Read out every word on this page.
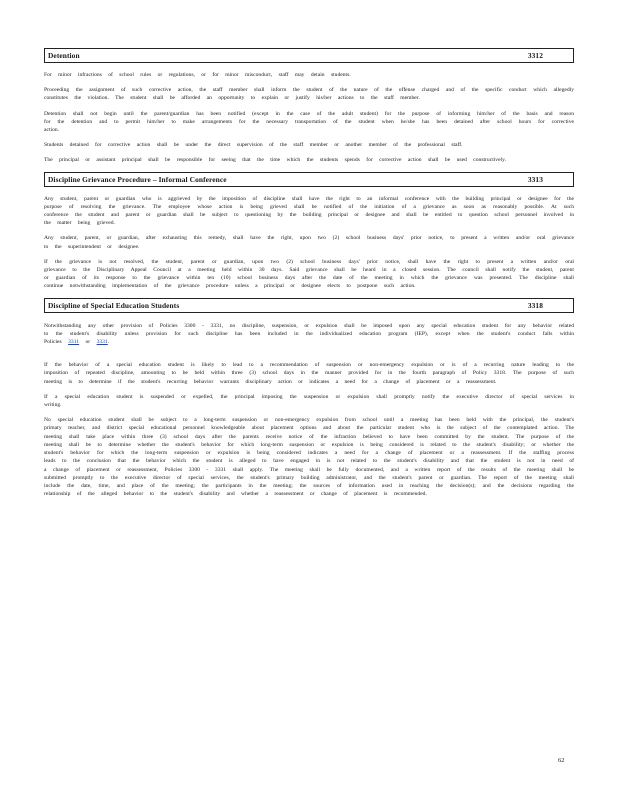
Detention	3312

For minor infractions of school rules or regulations, or for minor misconduct, staff may detain students.

Proceeding the assignment of such corrective action, the staff member shall inform the student of the nature of the offense charged and of the specific conduct which allegedly constitutes the violation. The student shall be afforded an opportunity to explain or justify his/her actions to the staff member.

Detention shall not begin until the parent/guardian has been notified (except in the case of the adult student) for the purpose of informing him/her of the basis and reason for the detention and to permit him/her to make arrangements for the necessary transportation of the student when he/she has been detained after school hours for corrective action.

Students detained for corrective action shall be under the direct supervision of the staff member or another member of the professional staff.

The principal or assistant principal shall be responsible for seeing that the time which the students spends for corrective action shall be used constructively.

Discipline Grievance Procedure – Informal Conference	3313

Any student, parent or guardian who is aggrieved by the imposition of discipline shall have the right to an informal conference with the building principal or designee for the purpose of resolving the grievance. The employee whose action is being grieved shall be notified of the initiation of a grievance as soon as reasonably possible. At such conference the student and parent or guardian shall be subject to questioning by the building principal or designee and shall be entitled to question school personnel involved in the matter being grieved.

Any student, parent, or guardian, after exhausting this remedy, shall have the right, upon two (2) school business days' prior notice, to present a written and/or oral grievance to the superintendent or designee.

If the grievance is not resolved, the student, parent or guardian, upon two (2) school business days' prior notice, shall have the right to present a written and/or oral grievance to the Disciplinary Appeal Council at a meeting held within 30 days. Said grievance shall be heard in a closed session. The council shall notify the student, parent or guardian of its response to the grievance within ten (10) school business days after the date of the meeting in which the grievance was presented. The discipline shall continue notwithstanding implementation of the grievance procedure unless a principal or designee elects to postpone such action.

Discipline of Special Education Students	3318

Notwithstanding any other provision of Policies 3300 - 3331, no discipline, suspension, or expulsion shall be imposed upon any special education student for any behavior related to the student's disability unless provision for such discipline has been included in the individualized education program (IEP), except when the student's conduct falls within Policies 3311 or 3331.

If the behavior of a special education student is likely to lead to a recommendation of suspension or non-emergency expulsion or is of a recurring nature leading to the imposition of repeated discipline, amounting to be held within three (3) school days in the manner provided for in the fourth paragraph of Policy 3318. The purpose of such meeting is to determine if the student's recurring behavior warrants disciplinary action or indicates a need for a change of placement or a reassessment.

If a special education student is suspended or expelled, the principal imposing the suspension or expulsion shall promptly notify the executive director of special services in writing.

No special education student shall be subject to a long-term suspension or non-emergency expulsion from school until a meeting has been held with the principal, the student's primary teacher, and district special educational personnel knowledgeable about placement options and about the particular student who is the subject of the contemplated action. The meeting shall take place within three (3) school days after the parents receive notice of the infraction believed to have been committed by the student. The purpose of the meeting shall be to determine whether the student's behavior for which long-term suspension or expulsion is being considered is related to the student's disability; or whether the student's behavior for which the long-term suspension or expulsion is being considered indicates a need for a change of placement or a reassessment. If the staffing process leads to the conclusion that the behavior which the student is alleged to have engaged in is not related to the student's disability and that the student is not in need of a change of placement or reassessment, Policies 3300 - 3331 shall apply. The meeting shall be fully documented, and a written report of the results of the meeting shall be submitted promptly to the executive director of special services, the student's primary building administrator, and the student's parent or guardian. The report of the meeting shall include the date, time, and place of the meeting; the participants in the meeting; the sources of information used in reaching the decision(s); and the decisions regarding the relationship of the alleged behavior to the student's disability and whether a reassessment or change of placement is recommended.

62
